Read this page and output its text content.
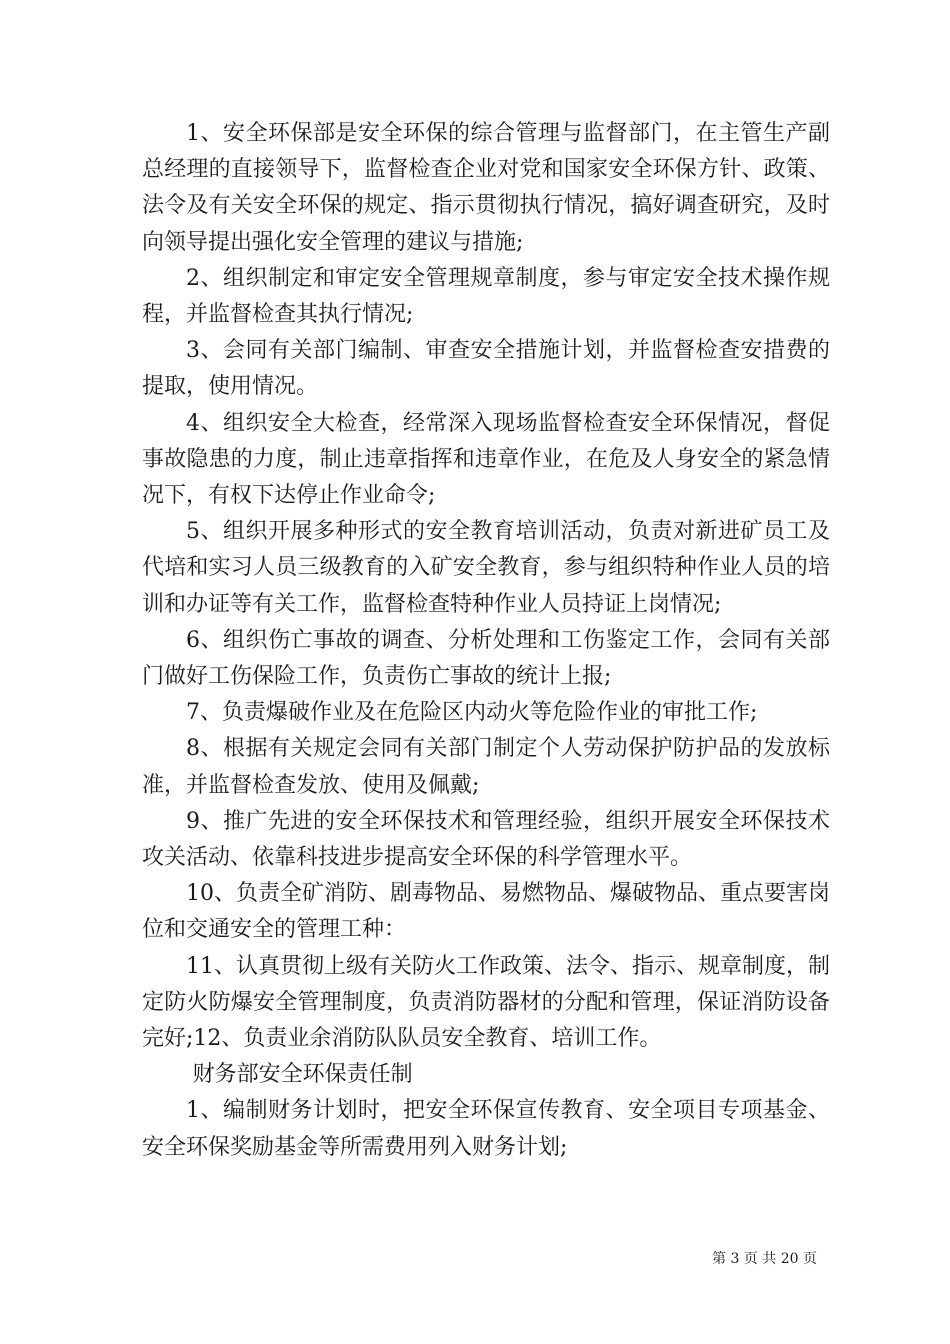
1、安全环保部是安全环保的综合管理与监督部门，在主管生产副总经理的直接领导下，监督检查企业对党和国家安全环保方针、政策、法令及有关安全环保的规定、指示贯彻执行情况，搞好调查研究，及时向领导提出强化安全管理的建议与措施;

2、组织制定和审定安全管理规章制度，参与审定安全技术操作规程，并监督检查其执行情况;

3、会同有关部门编制、审查安全措施计划，并监督检查安措费的提取，使用情况。

4、组织安全大检查，经常深入现场监督检查安全环保情况，督促事故隐患的力度，制止违章指挥和违章作业，在危及人身安全的紧急情况下，有权下达停止作业命令;

5、组织开展多种形式的安全教育培训活动，负责对新进矿员工及代培和实习人员三级教育的入矿安全教育，参与组织特种作业人员的培训和办证等有关工作，监督检查特种作业人员持证上岗情况;

6、组织伤亡事故的调查、分析处理和工伤鉴定工作，会同有关部门做好工伤保险工作，负责伤亡事故的统计上报;

7、负责爆破作业及在危险区内动火等危险作业的审批工作;

8、根据有关规定会同有关部门制定个人劳动保护防护品的发放标准，并监督检查发放、使用及佩戴;

9、推广先进的安全环保技术和管理经验，组织开展安全环保技术攻关活动、依靠科技进步提高安全环保的科学管理水平。

10、负责全矿消防、剧毒物品、易燃物品、爆破物品、重点要害岗位和交通安全的管理工种：

11、认真贯彻上级有关防火工作政策、法令、指示、规章制度，制定防火防爆安全管理制度，负责消防器材的分配和管理，保证消防设备完好;12、负责业余消防队队员安全教育、培训工作。

财务部安全环保责任制

1、编制财务计划时，把安全环保宣传教育、安全项目专项基金、安全环保奖励基金等所需费用列入财务计划;

第 3 页 共 20 页
